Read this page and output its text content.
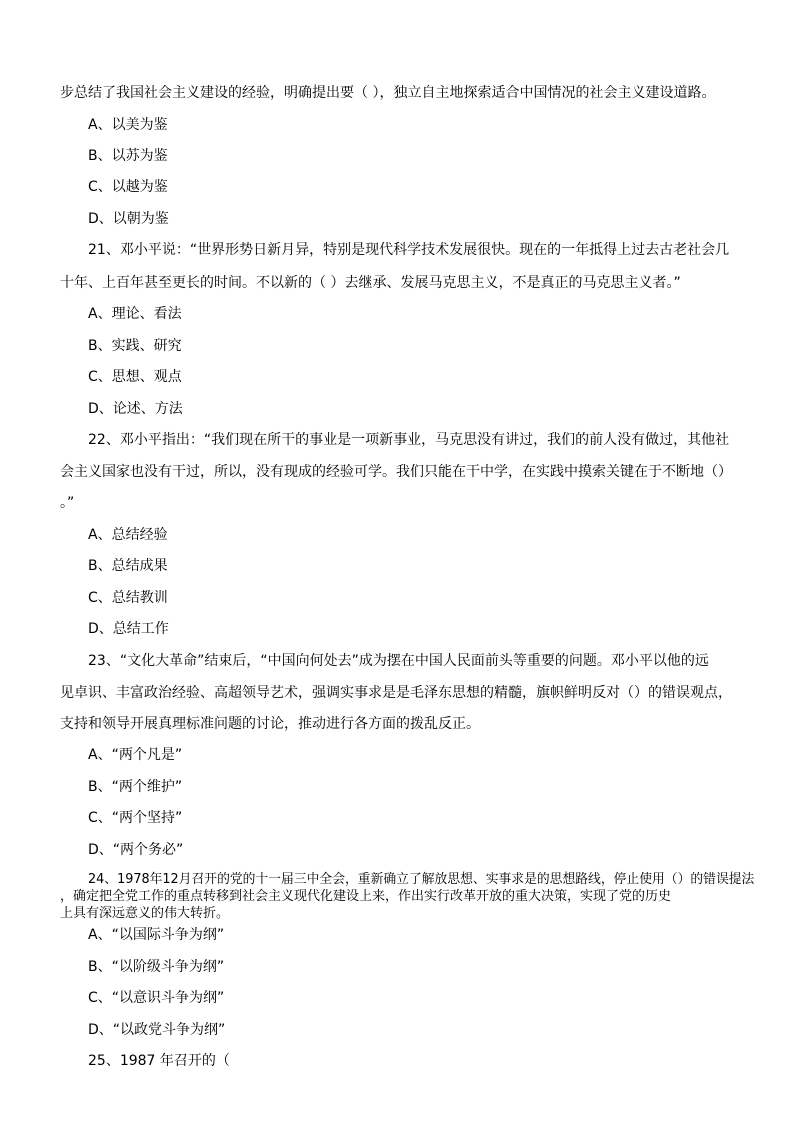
步总结了我国社会主义建设的经验，明确提出要（ ），独立自主地探索适合中国情况的社会主义建设道路。
A、以美为鉴
B、以苏为鉴
C、以越为鉴
D、以朝为鉴
21、邓小平说：“世界形势日新月异，特别是现代科学技术发展很快。现在的一年抵得上过去古老社会几
十年、上百年甚至更长的时间。不以新的（ ）去继承、发展马克思主义，不是真正的马克思主义者。”
A、理论、看法
B、实践、研究
C、思想、观点
D、论述、方法
22、邓小平指出：“我们现在所干的事业是一项新事业，马克思没有讲过，我们的前人没有做过，其他社
会主义国家也没有干过，所以，没有现成的经验可学。我们只能在干中学，在实践中摸索关键在于不断地（）
。”
A、总结经验
B、总结成果
C、总结教训
D、总结工作
23、“文化大革命”结束后，“中国向何处去”成为摆在中国人民面前头等重要的问题。邓小平以他的远
见卓识、丰富政治经验、高超领导艺术，强调实事求是是毛泽东思想的精髓，旗帜鲜明反对（）的错误观点，
支持和领导开展真理标准问题的讨论，推动进行各方面的拨乱反正。
A、“两个凡是”
B、“两个维护”
C、“两个坚持”
D、“两个务必”
24、1978年12月召开的党的十一届三中全会，重新确立了解放思想、实事求是的思想路线，停止使用（）的错误提法
，确定把全党工作的重点转移到社会主义现代化建设上来，作出实行改革开放的重大决策，实现了党的历史
上具有深远意义的伟大转折。
A、“以国际斗争为纲”
B、“以阶级斗争为纲”
C、“以意识斗争为纲”
D、“以政党斗争为纲”
25、1987 年召开的（
